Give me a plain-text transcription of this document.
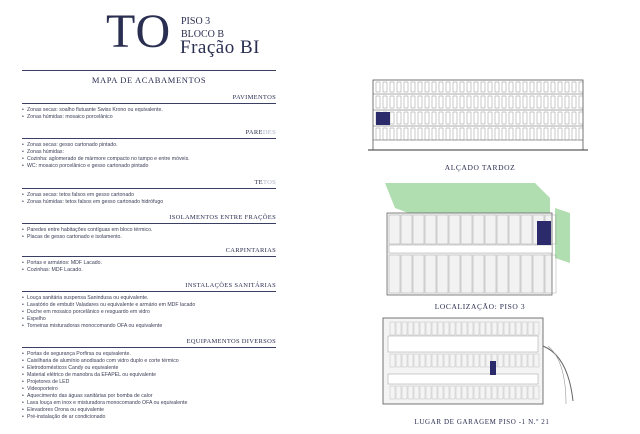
TO PISO 3
BLOCO B
Fração BI
MAPA DE ACABAMENTOS
PAVIMENTOS
• Zonas secas: soalho flutuante Swiss Krono ou equivalente.
• Zonas húmidas: mosaico porcelânico
PAREDES
• Zonas secas: gesso cartonado pintado.
• Zonas húmidas:
• Cozinha: aglomerado de mármore compacto no tampo e entre móveis.
• WC: mosaico porcelânico e gesso cartonado pintado
TETOS
• Zonas secas: tetos falsos em gesso cartonado
• Zonas húmidas: tetos falsos em gesso cartonado hidrófugo
ISOLAMENTOS ENTRE FRAÇÕES
• Paredes entre habitações contíguas em bloco térmico.
• Placas de gesso cartonado e isolamento.
CARPINTARIAS
• Portas e armários: MDF Lacado.
• Cozinhas: MDF Lacado.
INSTALAÇÕES SANITÁRIAS
• Louça sanitária suspensa Sanindusa ou equivalente.
• Lavatório de embutir Valadares ou equivalente e armário em MDF lacado
• Duche em mosaico porcelânico e resguardo em vidro
• Espelho
• Torneiras misturadoras monocomando OFA ou equivalente
EQUIPAMENTOS DIVERSOS
• Portas de segurança Porfirsa ou equivalente.
• Caixilharia de alumínio anodisado com vidro duplo e corte térmico
• Eletrodomésticos Candy ou equivalente
• Material elétrico de manobra da EFAPEL ou equivalente
• Projetores de LED
• Videoporteiro
• Aquecimento das águas sanitárias por bomba de calor
• Lava louça em inox e misturadora monocomando OFA ou equivalente
• Elevadores Orona ou equivalente
• Pré-instalação de ar condicionado
ALÇADO TARDOZ
LOCALIZAÇÃO: PISO 3
LUGAR DE GARAGEM PISO -1 N.º 21
